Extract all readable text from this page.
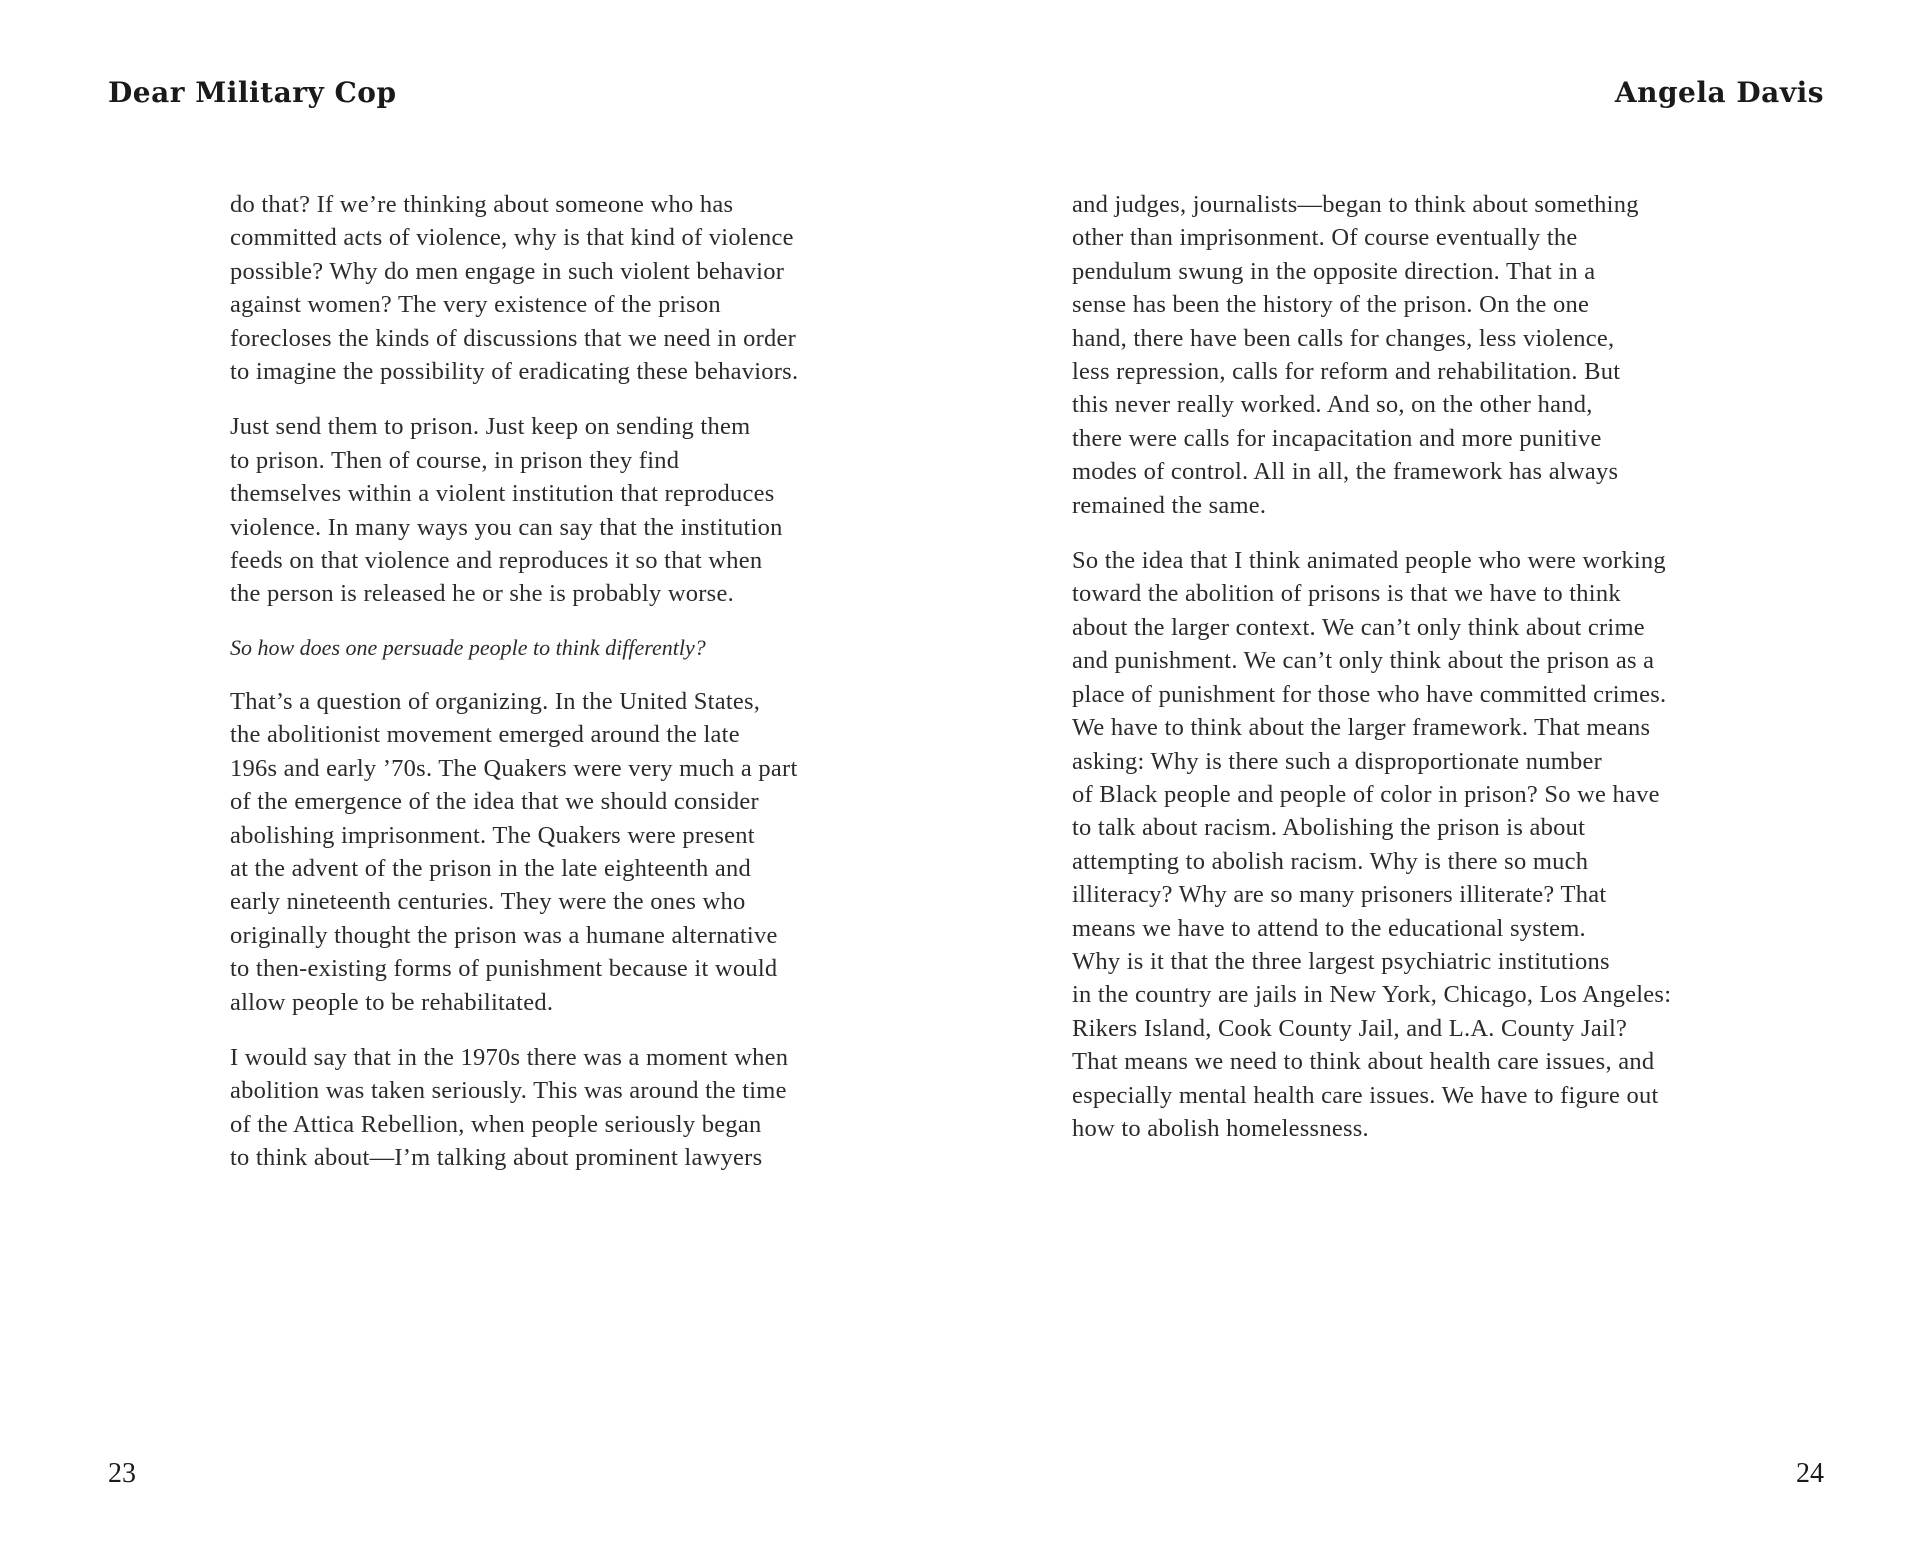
Dear Military Cop

do that? If we’re thinking about someone who has
committed acts of violence, why is that kind of violence
possible? Why do men engage in such violent behavior
against women? The very existence of the prison
forecloses the kinds of discussions that we need in order
to imagine the possibility of eradicating these behaviors.

Just send them to prison. Just keep on sending them
to prison. Then of course, in prison they find
themselves within a violent institution that reproduces
violence. In many ways you can say that the institution
feeds on that violence and reproduces it so that when
the person is released he or she is probably worse.

So how does one persuade people to think differently?

That’s a question of organizing. In the United States,
the abolitionist movement emerged around the late
196s and early ’70s. The Quakers were very much a part
of the emergence of the idea that we should consider
abolishing imprisonment. The Quakers were present
at the advent of the prison in the late eighteenth and
early nineteenth centuries. They were the ones who
originally thought the prison was a humane alternative
to then-existing forms of punishment because it would
allow people to be rehabilitated.

I would say that in the 1970s there was a moment when
abolition was taken seriously. This was around the time
of the Attica Rebellion, when people seriously began
to think about—I’m talking about prominent lawyers

23
Angela Davis

and judges, journalists—began to think about something
other than imprisonment. Of course eventually the
pendulum swung in the opposite direction. That in a
sense has been the history of the prison. On the one
hand, there have been calls for changes, less violence,
less repression, calls for reform and rehabilitation. But
this never really worked. And so, on the other hand,
there were calls for incapacitation and more punitive
modes of control. All in all, the framework has always
remained the same.

So the idea that I think animated people who were working
toward the abolition of prisons is that we have to think
about the larger context. We can’t only think about crime
and punishment. We can’t only think about the prison as a
place of punishment for those who have committed crimes.
We have to think about the larger framework. That means
asking: Why is there such a disproportionate number
of Black people and people of color in prison? So we have
to talk about racism. Abolishing the prison is about
attempting to abolish racism. Why is there so much
illiteracy? Why are so many prisoners illiterate? That
means we have to attend to the educational system.
Why is it that the three largest psychiatric institutions
in the country are jails in New York, Chicago, Los Angeles:
Rikers Island, Cook County Jail, and L.A. County Jail?
That means we need to think about health care issues, and
especially mental health care issues. We have to figure out
how to abolish homelessness.

24
